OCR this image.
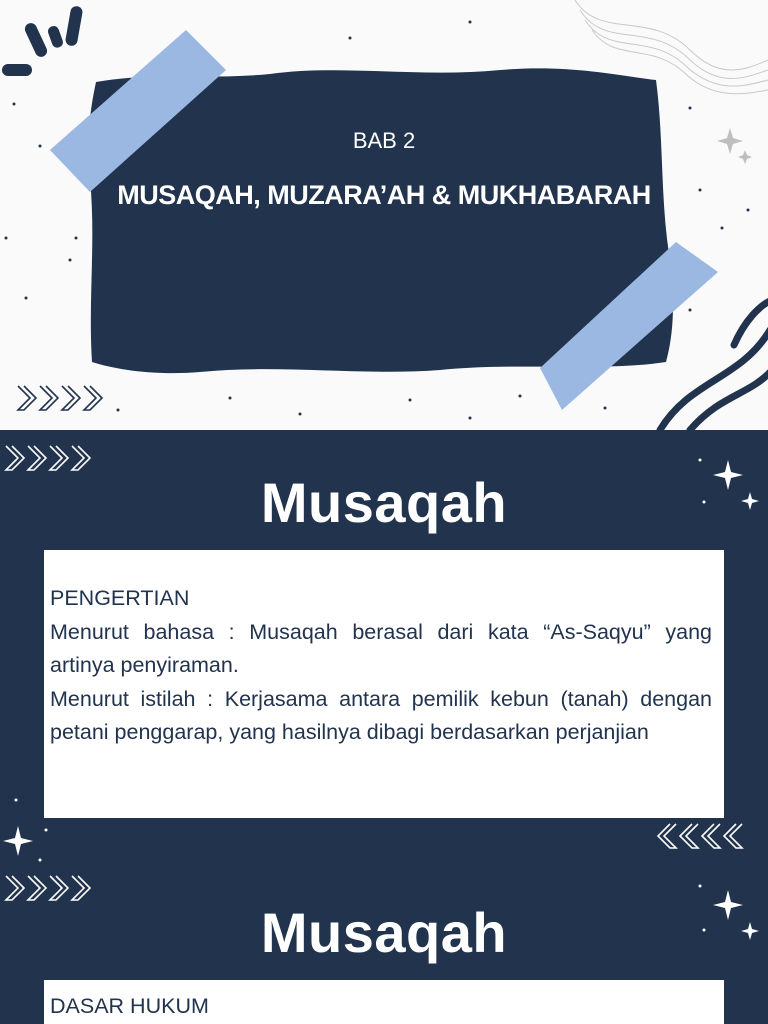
BAB 2
MUSAQAH, MUZARA’AH & MUKHABARAH
Musaqah

PENGERTIAN

Menurut bahasa : Musaqah berasal dari kata “As-Saqyu” yang artinya penyiraman.

Menurut istilah : Kerjasama antara pemilik kebun (tanah) dengan petani penggarap, yang hasilnya dibagi berdasarkan perjanjian

Musaqah

DASAR HUKUM
